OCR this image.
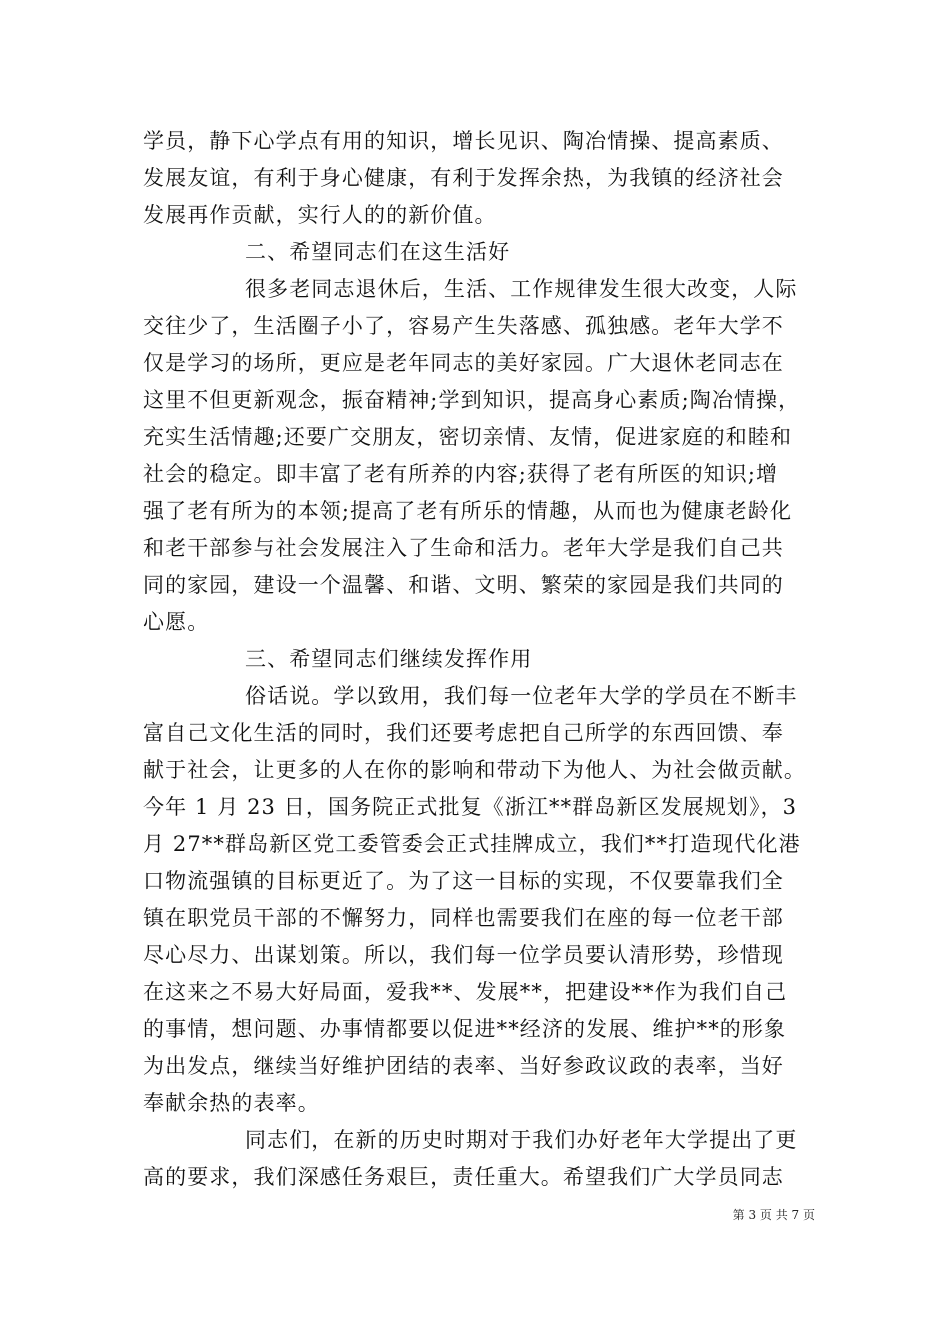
学员，静下心学点有用的知识，增长见识、陶冶情操、提高素质、
发展友谊，有利于身心健康，有利于发挥余热，为我镇的经济社会
发展再作贡献，实行人的的新价值。
二、希望同志们在这生活好
很多老同志退休后，生活、工作规律发生很大改变，人际
交往少了，生活圈子小了，容易产生失落感、孤独感。老年大学不
仅是学习的场所，更应是老年同志的美好家园。广大退休老同志在
这里不但更新观念，振奋精神;学到知识，提高身心素质;陶冶情操，
充实生活情趣;还要广交朋友，密切亲情、友情，促进家庭的和睦和
社会的稳定。即丰富了老有所养的内容;获得了老有所医的知识;增
强了老有所为的本领;提高了老有所乐的情趣，从而也为健康老龄化
和老干部参与社会发展注入了生命和活力。老年大学是我们自己共
同的家园，建设一个温馨、和谐、文明、繁荣的家园是我们共同的
心愿。
三、希望同志们继续发挥作用
俗话说。学以致用，我们每一位老年大学的学员在不断丰
富自己文化生活的同时，我们还要考虑把自己所学的东西回馈、奉
献于社会，让更多的人在你的影响和带动下为他人、为社会做贡献。
今年 1 月 23 日，国务院正式批复《浙江**群岛新区发展规划》，3
月 27**群岛新区党工委管委会正式挂牌成立，我们**打造现代化港
口物流强镇的目标更近了。为了这一目标的实现，不仅要靠我们全
镇在职党员干部的不懈努力，同样也需要我们在座的每一位老干部
尽心尽力、出谋划策。所以，我们每一位学员要认清形势，珍惜现
在这来之不易大好局面，爱我**、发展**，把建设**作为我们自己
的事情，想问题、办事情都要以促进**经济的发展、维护**的形象
为出发点，继续当好维护团结的表率、当好参政议政的表率，当好
奉献余热的表率。
同志们，在新的历史时期对于我们办好老年大学提出了更
高的要求，我们深感任务艰巨，责任重大。希望我们广大学员同志
第 3 页 共 7 页
